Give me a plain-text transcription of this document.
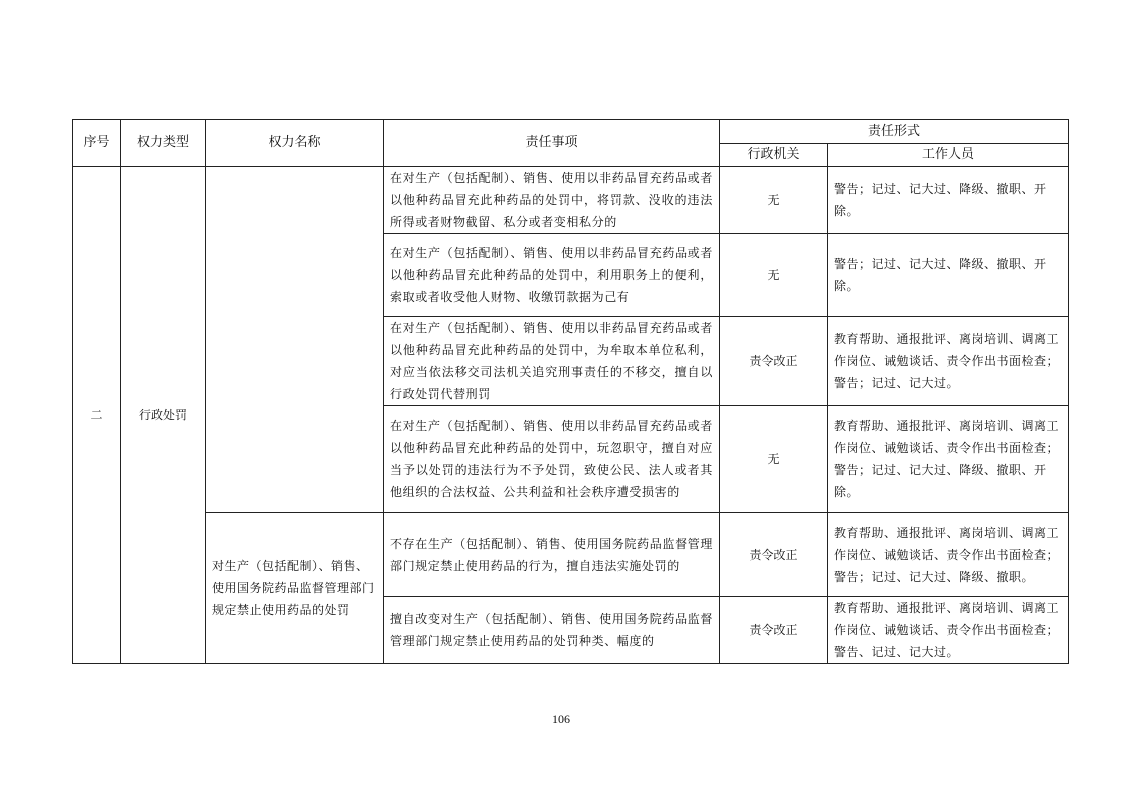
序号	权力类型	权力名称	责任事项	责任形式	
				行政机关	工作人员
二	行政处罚		在对生产（包括配制）、销售、使用以非药品冒充药品或者以他种药品冒充此种药品的处罚中，将罚款、没收的违法所得或者财物截留、私分或者变相私分的	无	警告；记过、记大过、降级、撤职、开除。
			在对生产（包括配制）、销售、使用以非药品冒充药品或者以他种药品冒充此种药品的处罚中，利用职务上的便利，索取或者收受他人财物、收缴罚款据为己有	无	警告；记过、记大过、降级、撤职、开除。
			在对生产（包括配制）、销售、使用以非药品冒充药品或者以他种药品冒充此种药品的处罚中，为牟取本单位私利，对应当依法移交司法机关追究刑事责任的不移交，擅自以行政处罚代替刑罚	责令改正	教育帮助、通报批评、离岗培训、调离工作岗位、诫勉谈话、责令作出书面检查；警告；记过、记大过。
			在对生产（包括配制）、销售、使用以非药品冒充药品或者以他种药品冒充此种药品的处罚中，玩忽职守，擅自对应当予以处罚的违法行为不予处罚，致使公民、法人或者其他组织的合法权益、公共利益和社会秩序遭受损害的	无	教育帮助、通报批评、离岗培训、调离工作岗位、诫勉谈话、责令作出书面检查；警告；记过、记大过、降级、撤职、开除。
		对生产（包括配制）、销售、使用国务院药品监督管理部门规定禁止使用药品的处罚	不存在生产（包括配制）、销售、使用国务院药品监督管理部门规定禁止使用药品的行为，擅自违法实施处罚的	责令改正	教育帮助、通报批评、离岗培训、调离工作岗位、诫勉谈话、责令作出书面检查；警告；记过、记大过、降级、撤职。
			擅自改变对生产（包括配制）、销售、使用国务院药品监督管理部门规定禁止使用药品的处罚种类、幅度的	责令改正	教育帮助、通报批评、离岗培训、调离工作岗位、诫勉谈话、责令作出书面检查；警告、记过、记大过。
106
